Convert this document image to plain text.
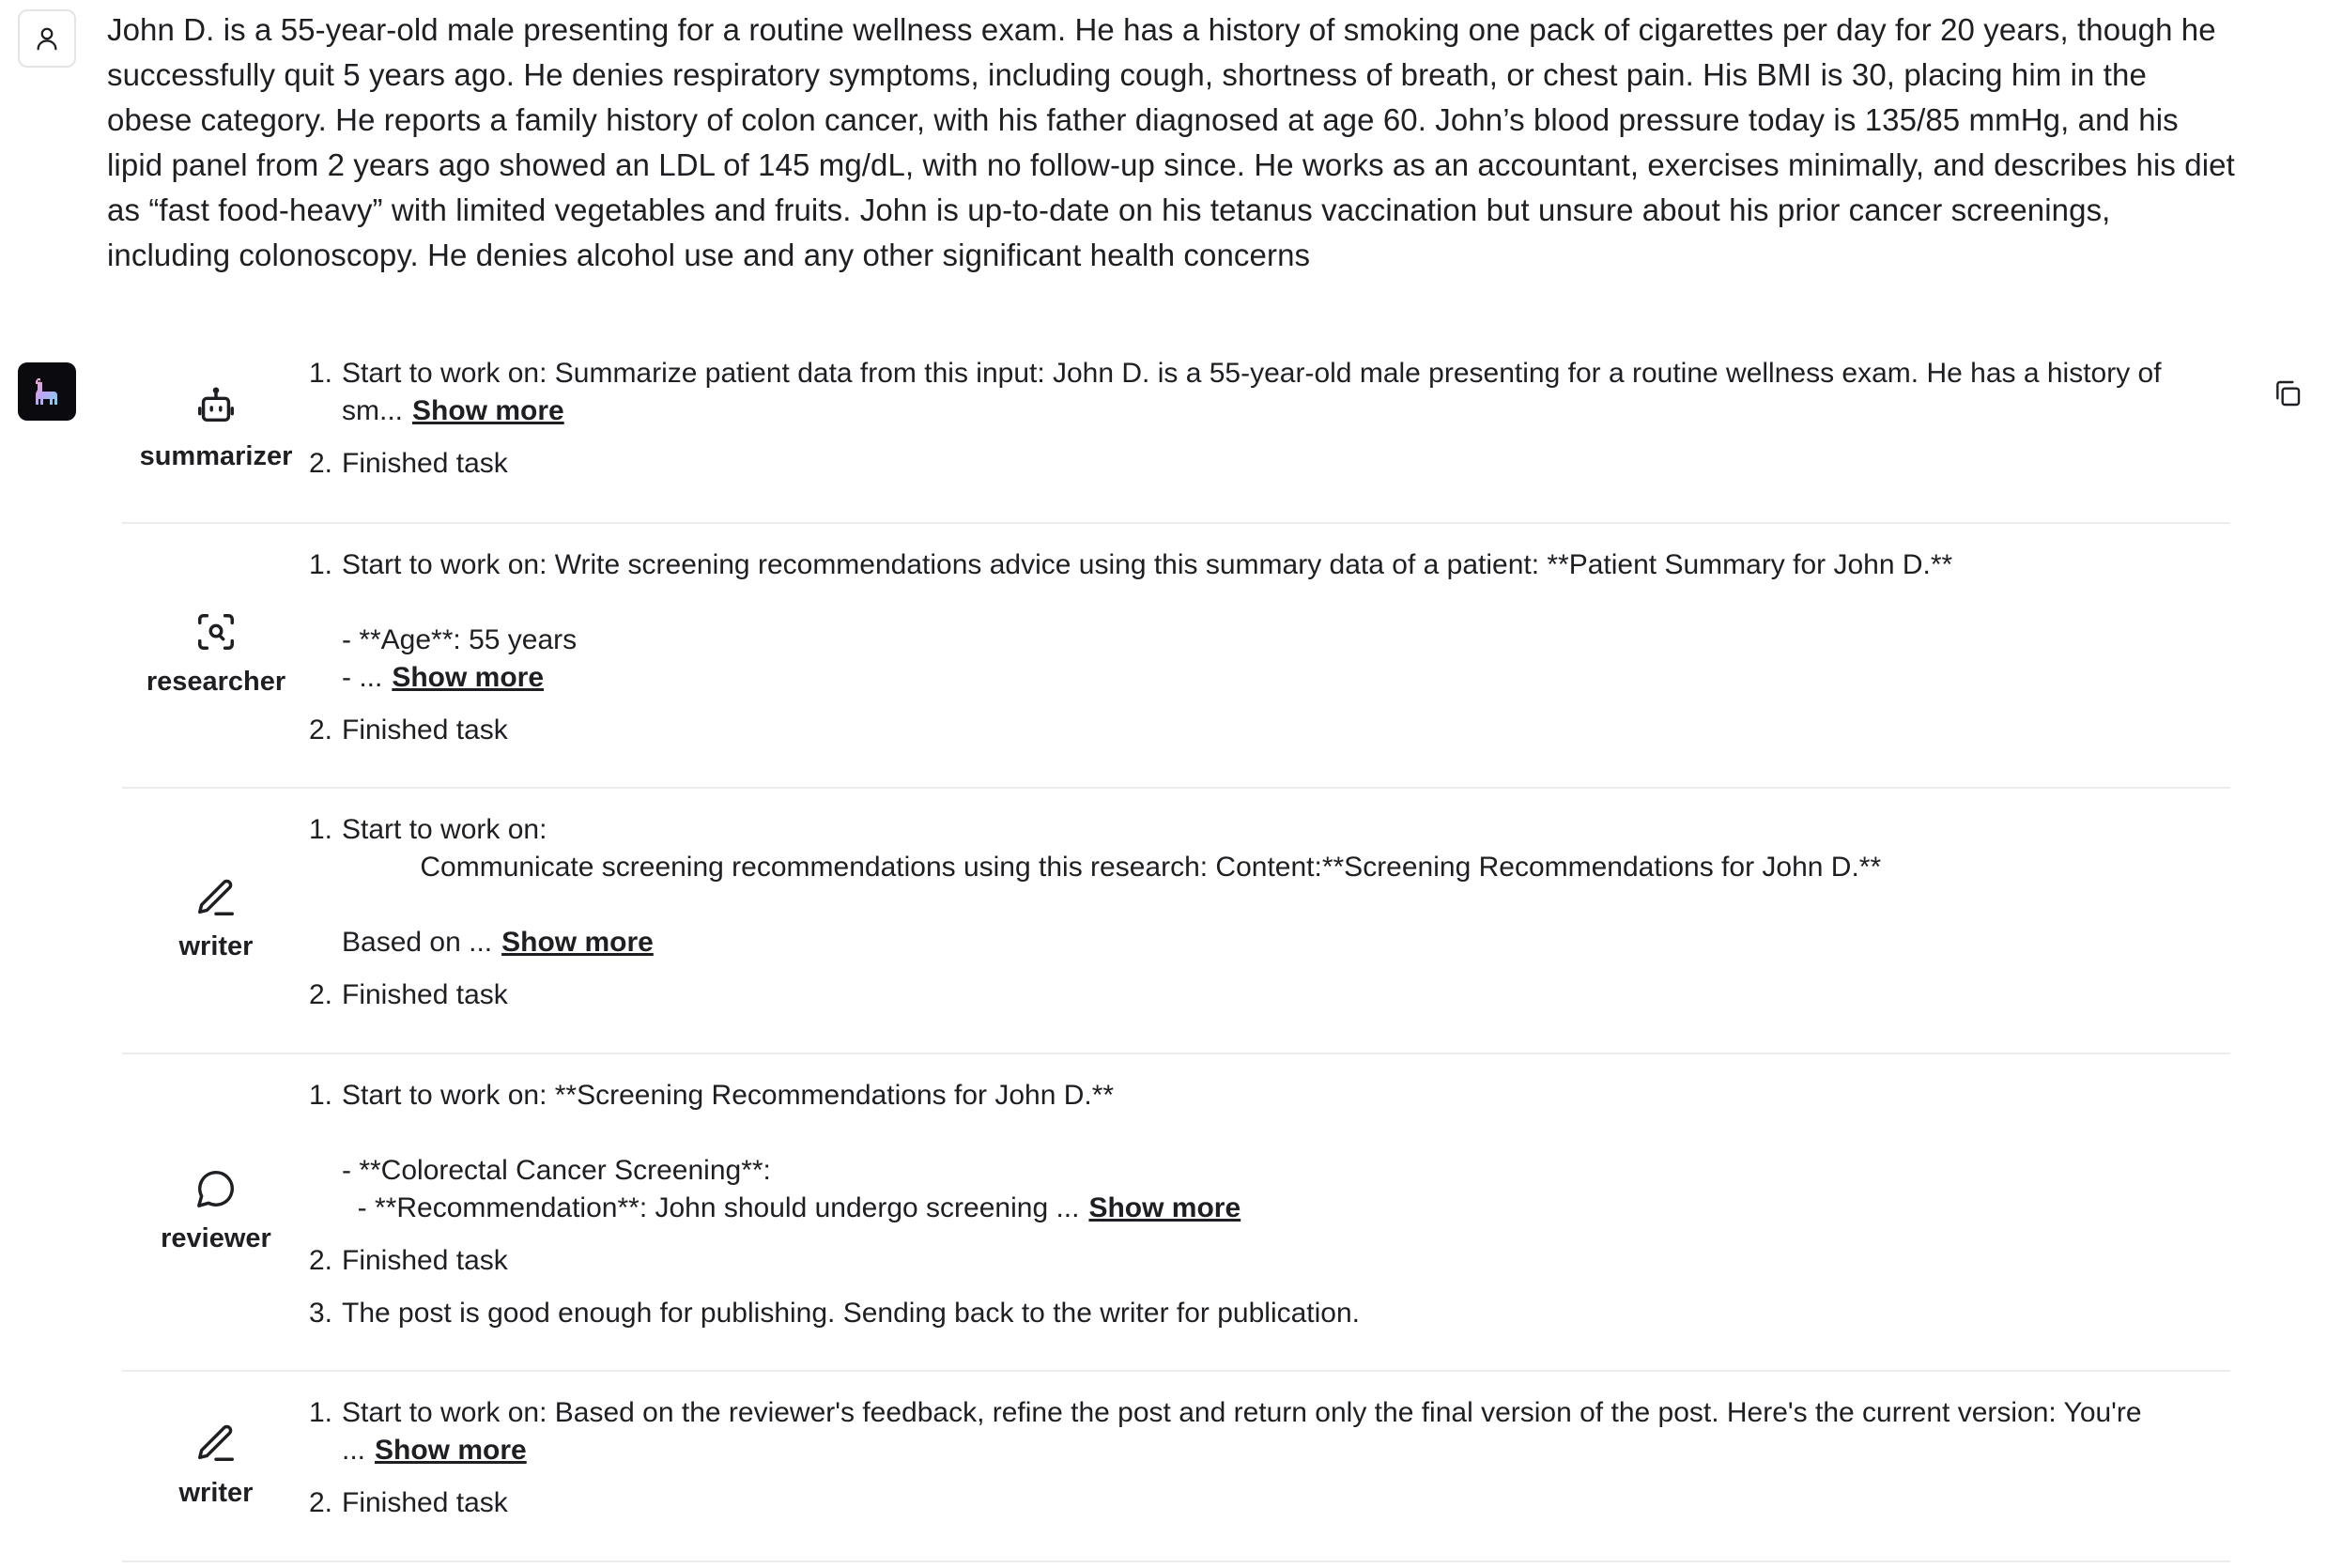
John D. is a 55-year-old male presenting for a routine wellness exam. He has a history of smoking one pack of cigarettes per day for 20 years, though he successfully quit 5 years ago. He denies respiratory symptoms, including cough, shortness of breath, or chest pain. His BMI is 30, placing him in the obese category. He reports a family history of colon cancer, with his father diagnosed at age 60. John’s blood pressure today is 135/85 mmHg, and his lipid panel from 2 years ago showed an LDL of 145 mg/dL, with no follow-up since. He works as an accountant, exercises minimally, and describes his diet as “fast food-heavy” with limited vegetables and fruits. John is up-to-date on his tetanus vaccination but unsure about his prior cancer screenings, including colonoscopy. He denies alcohol use and any other significant health concerns
summarizer
1. Start to work on: Summarize patient data from this input: John D. is a 55-year-old male presenting for a routine wellness exam. He has a history of sm... Show more
2. Finished task
researcher
1. Start to work on: Write screening recommendations advice using this summary data of a patient: **Patient Summary for John D.**

- **Age**: 55 years
- ... Show more
2. Finished task
writer
1. Start to work on:
Communicate screening recommendations using this research: Content:**Screening Recommendations for John D.**

Based on ... Show more
2. Finished task
reviewer
1. Start to work on: **Screening Recommendations for John D.**

- **Colorectal Cancer Screening**:
- **Recommendation**: John should undergo screening ... Show more
2. Finished task
3. The post is good enough for publishing. Sending back to the writer for publication.
writer
1. Start to work on: Based on the reviewer's feedback, refine the post and return only the final version of the post. Here's the current version: You're
... Show more
2. Finished task
